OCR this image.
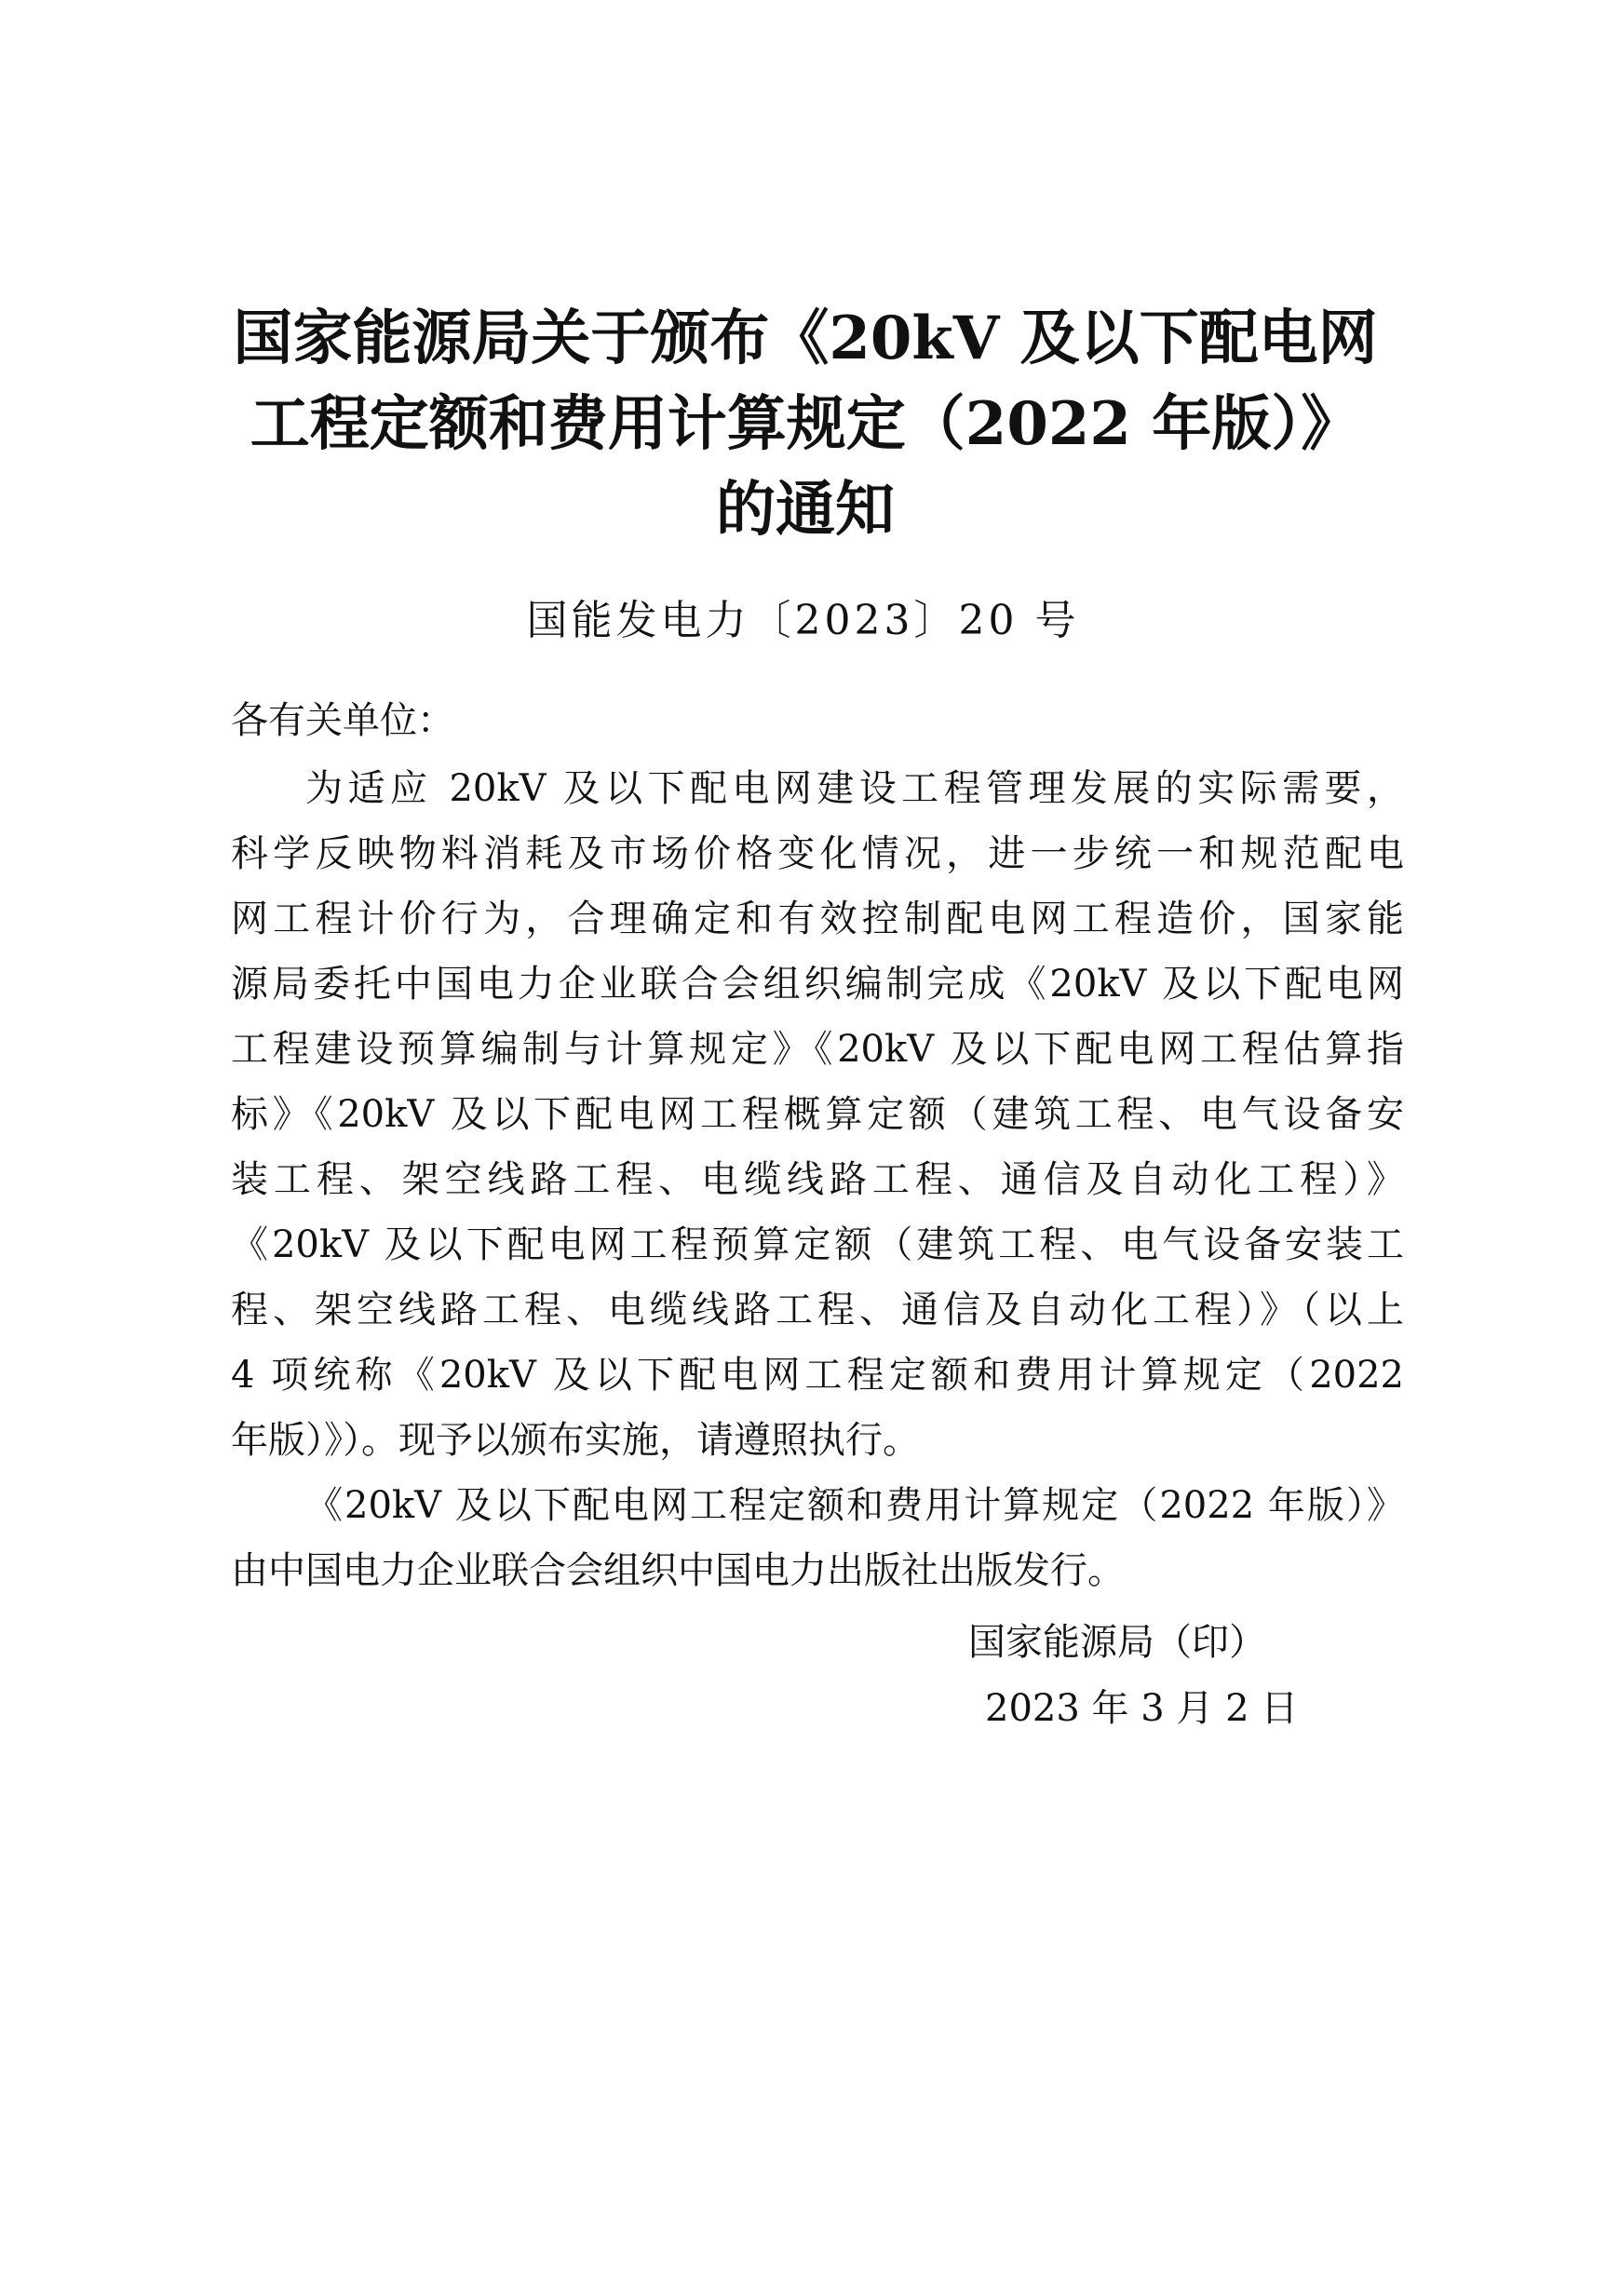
国家能源局关于颁布《20kV 及以下配电网
工程定额和费用计算规定（2022 年版）》
的通知
国能发电力〔2023〕20 号
各有关单位：
为适应 20kV 及以下配电网建设工程管理发展的实际需要，
科学反映物料消耗及市场价格变化情况，进一步统一和规范配电
网工程计价行为，合理确定和有效控制配电网工程造价，国家能
源局委托中国电力企业联合会组织编制完成《20kV 及以下配电网
工程建设预算编制与计算规定》《20kV 及以下配电网工程估算指
标》《20kV 及以下配电网工程概算定额（建筑工程、电气设备安
装工程、架空线路工程、电缆线路工程、通信及自动化工程）》
《20kV 及以下配电网工程预算定额（建筑工程、电气设备安装工
程、架空线路工程、电缆线路工程、通信及自动化工程）》（以上
4 项统称《20kV 及以下配电网工程定额和费用计算规定（2022
年版）》）。现予以颁布实施，请遵照执行。
《20kV 及以下配电网工程定额和费用计算规定（2022 年版）》
由中国电力企业联合会组织中国电力出版社出版发行。
国家能源局（印）
2023 年 3 月 2 日
